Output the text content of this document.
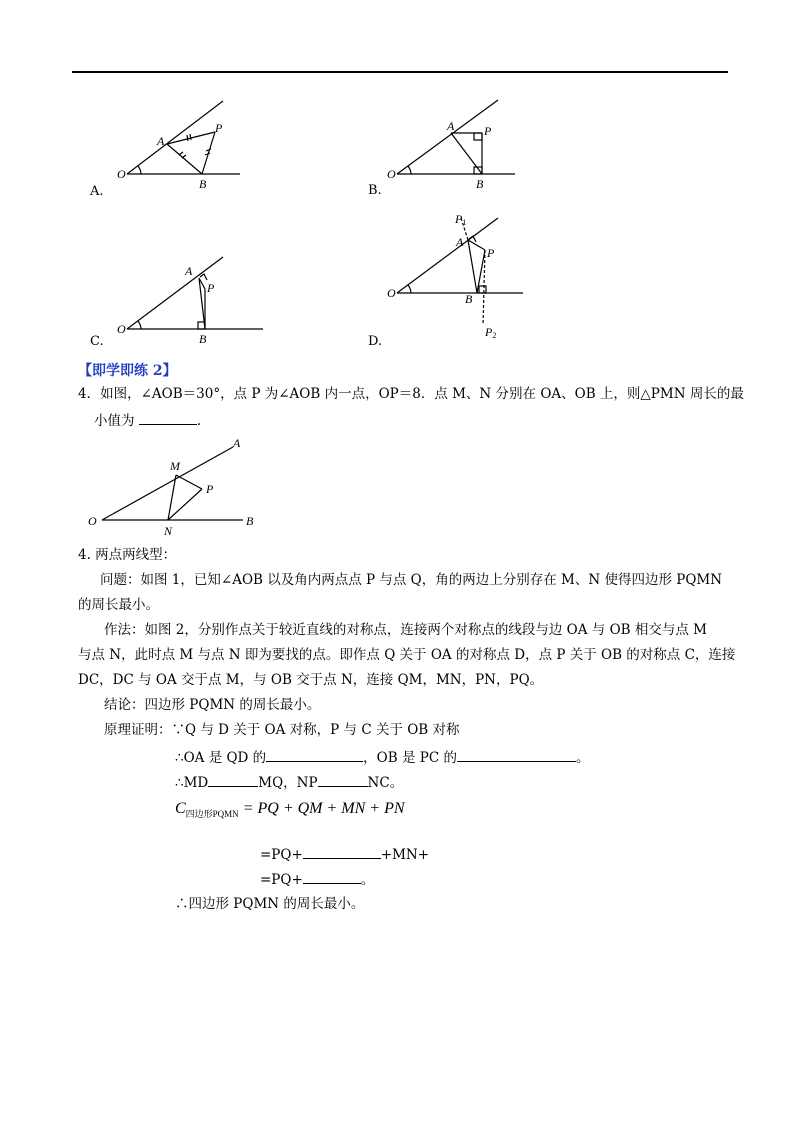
O
A
B
P
A.
O
A
B
P
B.
O
A
B
P
C.
O
A
B
P
P1
P2
D.
【即学即练 2】
4．如图，∠AOB＝30°，点 P 为∠AOB 内一点，OP＝8．点 M、N 分别在 OA、OB 上，则△PMN 周长的最
小值为	.
O
A
B
M
N
P
4. 两点两线型：
问题：如图 1，已知∠AOB 以及角内两点点 P 与点 Q，角的两边上分别存在 M、N 使得四边形 PQMN
的周长最小。
作法：如图 2，分别作点关于较近直线的对称点，连接两个对称点的线段与边 OA 与 OB 相交与点 M
与点 N，此时点 M 与点 N 即为要找的点。即作点 Q 关于 OA 的对称点 D，点 P 关于 OB 的对称点 C，连接
DC，DC 与 OA 交于点 M，与 OB 交于点 N，连接 QM，MN，PN，PQ。
结论：四边形 PQMN 的周长最小。
原理证明：∵Q 与 D 关于 OA 对称，P 与 C 关于 OB 对称
∴OA 是 QD 的	，OB 是 PC 的	。
∴MD	MQ，NP	NC。
$C_{四边形PQMN}$ = PQ + QM + MN + PN
=PQ+	+MN+
=PQ+	。
∴四边形 PQMN 的周长最小。
